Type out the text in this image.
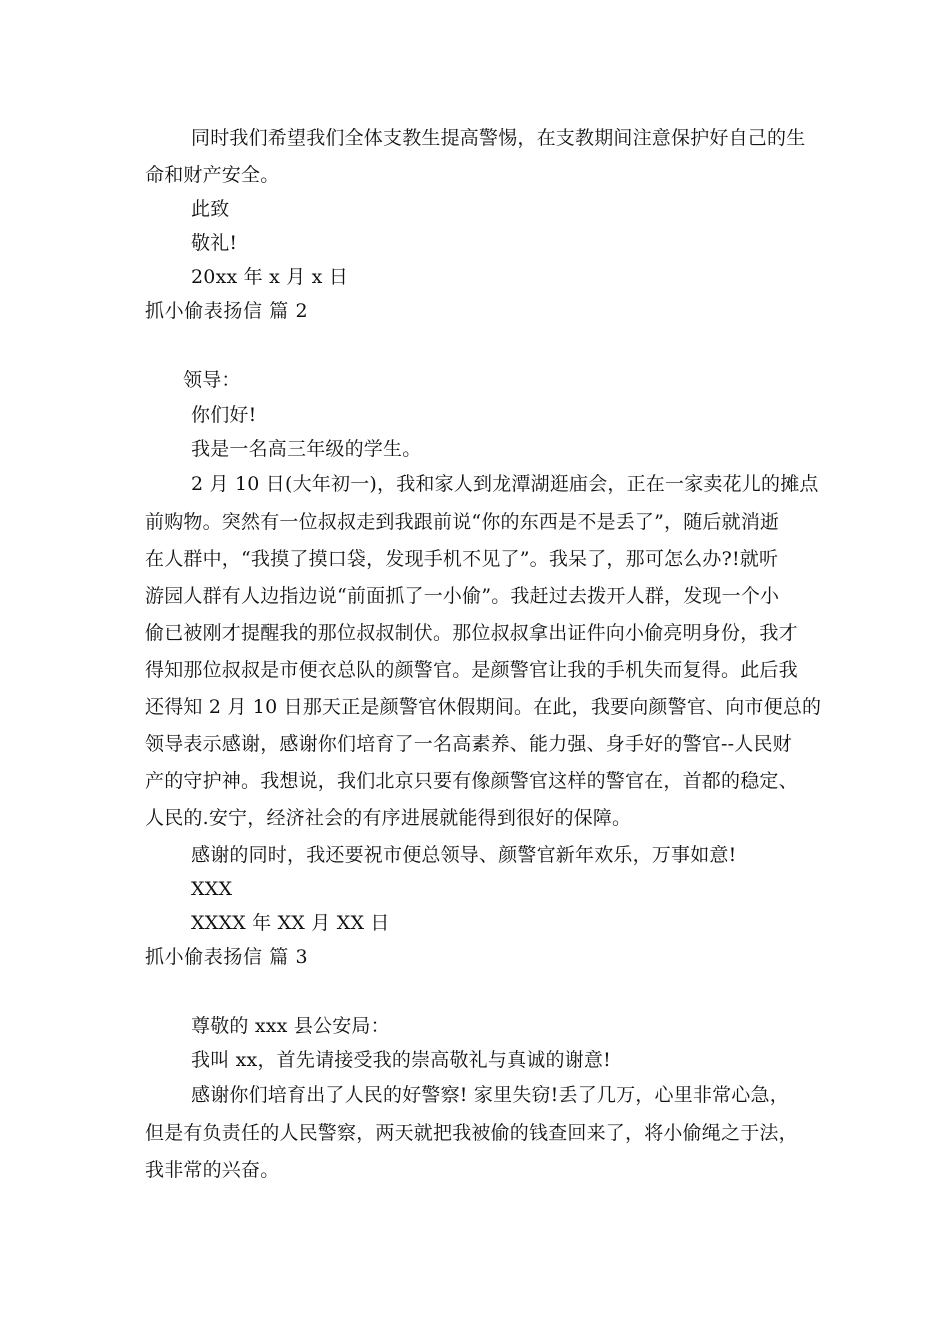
同时我们希望我们全体支教生提高警惕，在支教期间注意保护好自己的生
命和财产安全。
此致
敬礼!
20xx 年 x 月 x 日
抓小偷表扬信 篇 2
领导：
你们好!
我是一名高三年级的学生。
2 月 10 日(大年初一)，我和家人到龙潭湖逛庙会，正在一家卖花儿的摊点
前购物。突然有一位叔叔走到我跟前说“你的东西是不是丢了”，随后就消逝
在人群中，“我摸了摸口袋，发现手机不见了”。我呆了，那可怎么办?!就听
游园人群有人边指边说“前面抓了一小偷”。我赶过去拨开人群，发现一个小
偷已被刚才提醒我的那位叔叔制伏。那位叔叔拿出证件向小偷亮明身份，我才
得知那位叔叔是市便衣总队的颜警官。是颜警官让我的手机失而复得。此后我
还得知 2 月 10 日那天正是颜警官休假期间。在此，我要向颜警官、向市便总的
领导表示感谢，感谢你们培育了一名高素养、能力强、身手好的警官--人民财
产的守护神。我想说，我们北京只要有像颜警官这样的警官在，首都的稳定、
人民的.安宁，经济社会的有序进展就能得到很好的保障。
感谢的同时，我还要祝市便总领导、颜警官新年欢乐，万事如意!
XXX
XXXX 年 XX 月 XX 日
抓小偷表扬信 篇 3
尊敬的 xxx 县公安局：
我叫 xx，首先请接受我的崇高敬礼与真诚的谢意!
感谢你们培育出了人民的好警察! 家里失窃!丢了几万，心里非常心急，
但是有负责任的人民警察，两天就把我被偷的钱查回来了，将小偷绳之于法，
我非常的兴奋。
